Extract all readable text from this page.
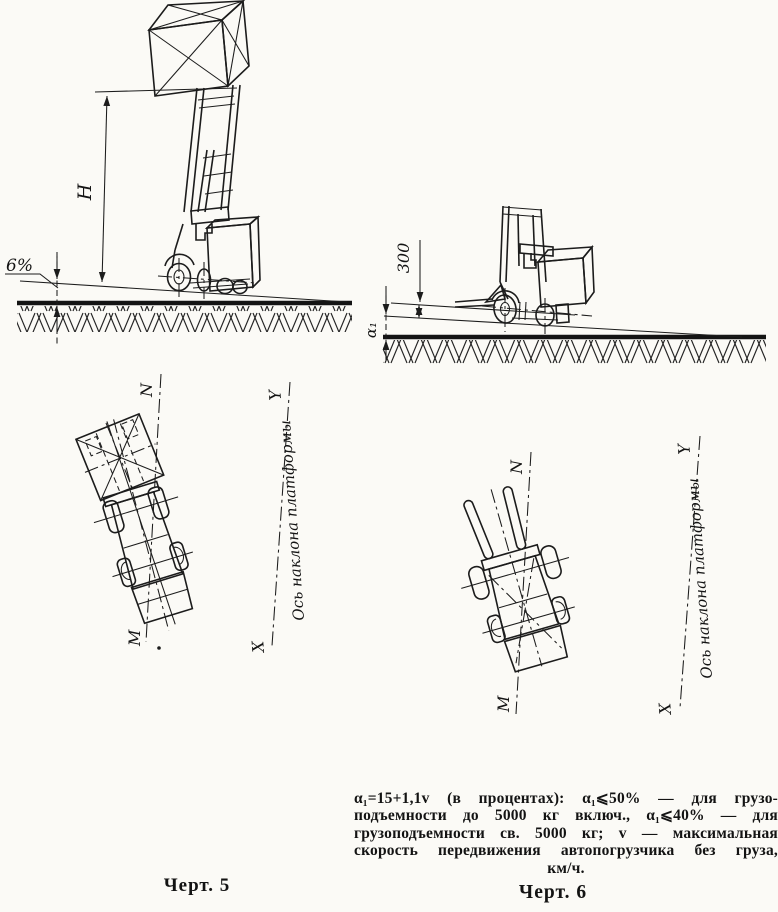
6%
H
300
α₁
N
M
Y
X
Ось наклона платформы	N
M
Y
X
Ось наклона платформы
α₁=15+1,1v (в процентах): α₁⩽50% — для грузо-
подъемности до 5000 кг включ., α₁⩽40% — для
грузоподъемности св. 5000 кг; v — максимальная
скорость передвижения автопогрузчика без груза,
км/ч.
Черт. 5	Черт. 6
